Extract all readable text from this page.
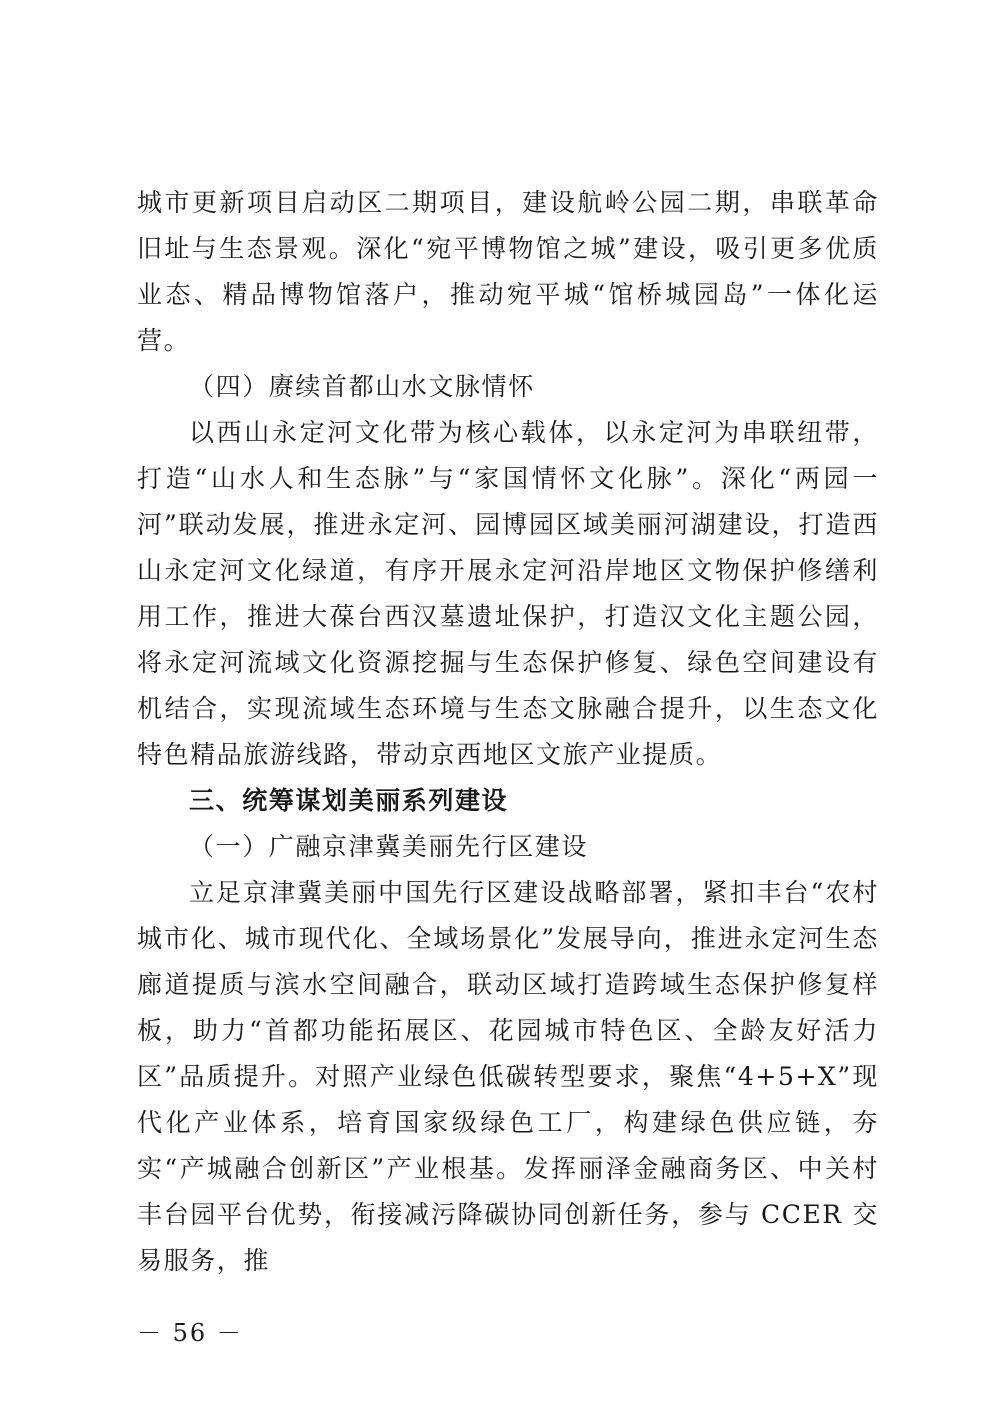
城市更新项目启动区二期项目，建设航岭公园二期，串联革命旧址与生态景观。深化“宛平博物馆之城”建设，吸引更多优质业态、精品博物馆落户，推动宛平城“馆桥城园岛”一体化运营。

（四）赓续首都山水文脉情怀

以西山永定河文化带为核心载体，以永定河为串联纽带，打造“山水人和生态脉”与“家国情怀文化脉”。深化“两园一河”联动发展，推进永定河、园博园区域美丽河湖建设，打造西山永定河文化绿道，有序开展永定河沿岸地区文物保护修缮利用工作，推进大葆台西汉墓遗址保护，打造汉文化主题公园，将永定河流域文化资源挖掘与生态保护修复、绿色空间建设有机结合，实现流域生态环境与生态文脉融合提升，以生态文化特色精品旅游线路，带动京西地区文旅产业提质。

三、统筹谋划美丽系列建设

（一）广融京津冀美丽先行区建设

立足京津冀美丽中国先行区建设战略部署，紧扣丰台“农村城市化、城市现代化、全域场景化”发展导向，推进永定河生态廊道提质与滨水空间融合，联动区域打造跨域生态保护修复样板，助力“首都功能拓展区、花园城市特色区、全龄友好活力区”品质提升。对照产业绿色低碳转型要求，聚焦“4+5+X”现代化产业体系，培育国家级绿色工厂，构建绿色供应链，夯实“产城融合创新区”产业根基。发挥丽泽金融商务区、中关村丰台园平台优势，衔接减污降碳协同创新任务，参与 CCER 交易服务，推

－ 56 －
